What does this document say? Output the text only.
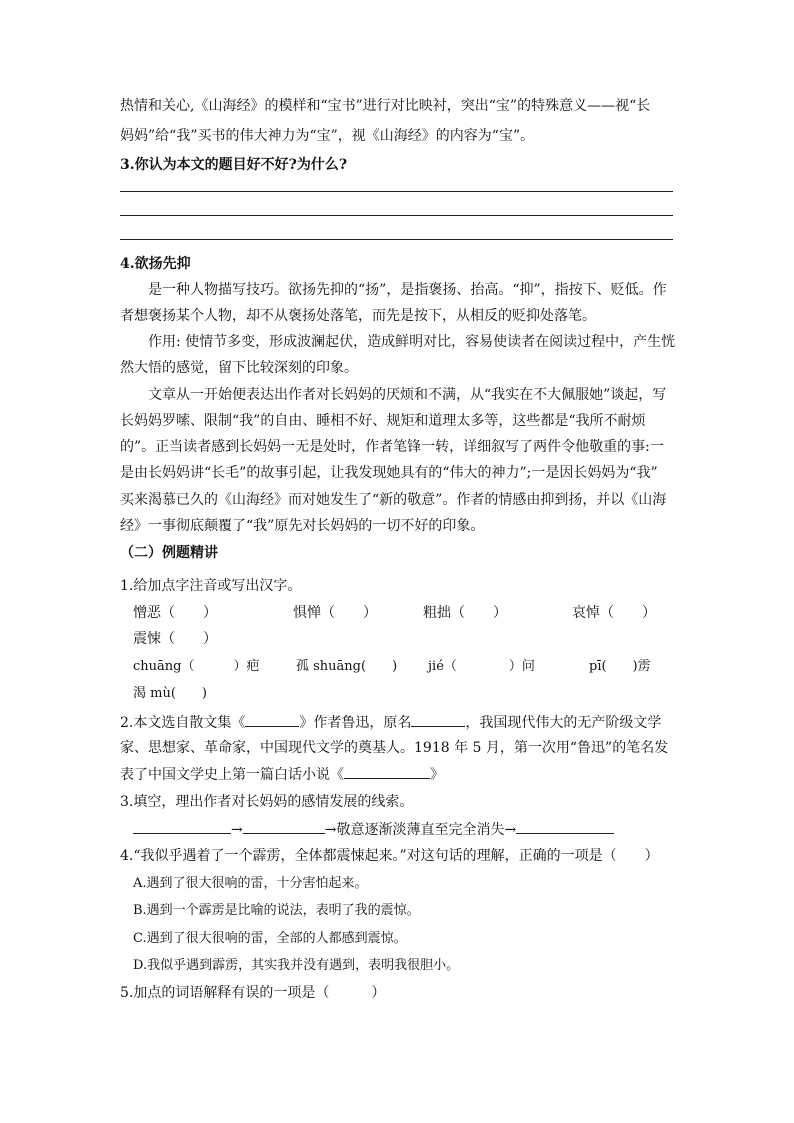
热情和关心,《山海经》的模样和“宝书”进行对比映衬，突出“宝”的特殊意义——视“长
妈妈”给“我”买书的伟大神力为“宝”，视《山海经》的内容为“宝”。
3.你认为本文的题目好不好?为什么?
4.欲扬先抑
是一种人物描写技巧。欲扬先抑的“扬”，是指褒扬、抬高。“抑”，指按下、贬低。作
者想褒扬某个人物，却不从褒扬处落笔，而先是按下，从相反的贬抑处落笔。
作用: 使情节多变，形成波澜起伏，造成鲜明对比，容易使读者在阅读过程中，产生恍
然大悟的感觉，留下比较深刻的印象。
文章从一开始便表达出作者对长妈妈的厌烦和不满，从“我实在不大佩服她”谈起，写
长妈妈罗嗦、限制“我”的自由、睡相不好、规矩和道理太多等，这些都是“我所不耐烦
的”。正当读者感到长妈妈一无是处时，作者笔锋一转，详细叙写了两件令他敬重的事:一
是由长妈妈讲“长毛”的故事引起，让我发现她具有的“伟大的神力”;一是因长妈妈为“我”
买来渴慕已久的《山海经》而对她发生了“新的敬意”。作者的情感由抑到扬，并以《山海
经》一事彻底颠覆了“我”原先对长妈妈的一切不好的印象。
（二）例题精讲
1.给加点字注音或写出汉字。
憎恶（　　）	惧惮（　　）	粗拙（　　）	哀悼（　　）
震悚（　　）
chuāng（　　　）疤	孤 shuāng(　　) jié（　　　　）问	pī(　　)雳
渴 mù(　　)
2.本文选自散文集《	》作者鲁迅，原名	，我国现代伟大的无产阶级文学
家、思想家、革命家，中国现代文学的奠基人。1918 年 5 月，第一次用“鲁迅”的笔名发
表了中国文学史上第一篇白话小说《	》
3.填空，理出作者对长妈妈的感情发展的线索。
→	→敬意逐渐淡薄直至完全消失→
4.“我似乎遇着了一个霹雳，全体都震悚起来。”对这句话的理解，正确的一项是（　　）
A.遇到了很大很响的雷，十分害怕起来。
B.遇到一个霹雳是比喻的说法，表明了我的震惊。
C.遇到了很大很响的雷，全部的人都感到震惊。
D.我似乎遇到霹雳，其实我并没有遇到，表明我很胆小。
5.加点的词语解释有误的一项是（　　　）
